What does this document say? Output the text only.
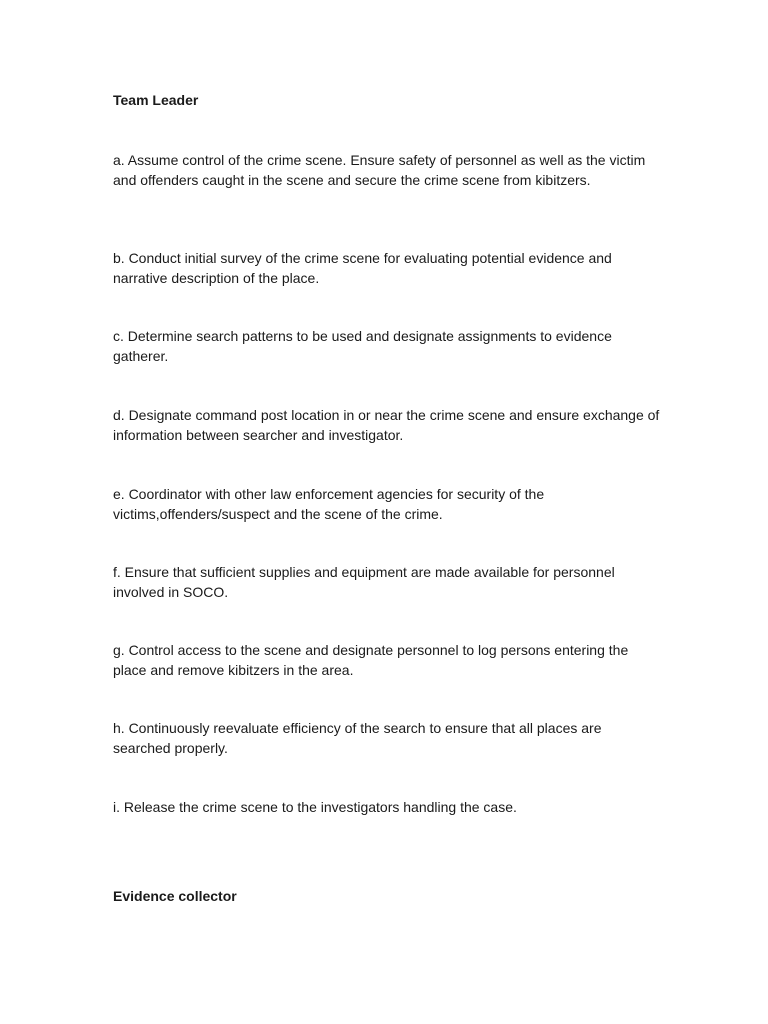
Team Leader

a. Assume control of the crime scene. Ensure safety of personnel as well as the victim and offenders caught in the scene and secure the crime scene from kibitzers.

b. Conduct initial survey of the crime scene for evaluating potential evidence and narrative description of the place.

c. Determine search patterns to be used and designate assignments to evidence gatherer.

d. Designate command post location in or near the crime scene and ensure exchange of information between searcher and investigator.

e. Coordinator with other law enforcement agencies for security of the victims,offenders/suspect and the scene of the crime.

f. Ensure that sufficient supplies and equipment are made available for personnel involved in SOCO.

g. Control access to the scene and designate personnel to log persons entering the place and remove kibitzers in the area.

h. Continuously reevaluate efficiency of the search to ensure that all places are searched properly.

i. Release the crime scene to the investigators handling the case.

Evidence collector
